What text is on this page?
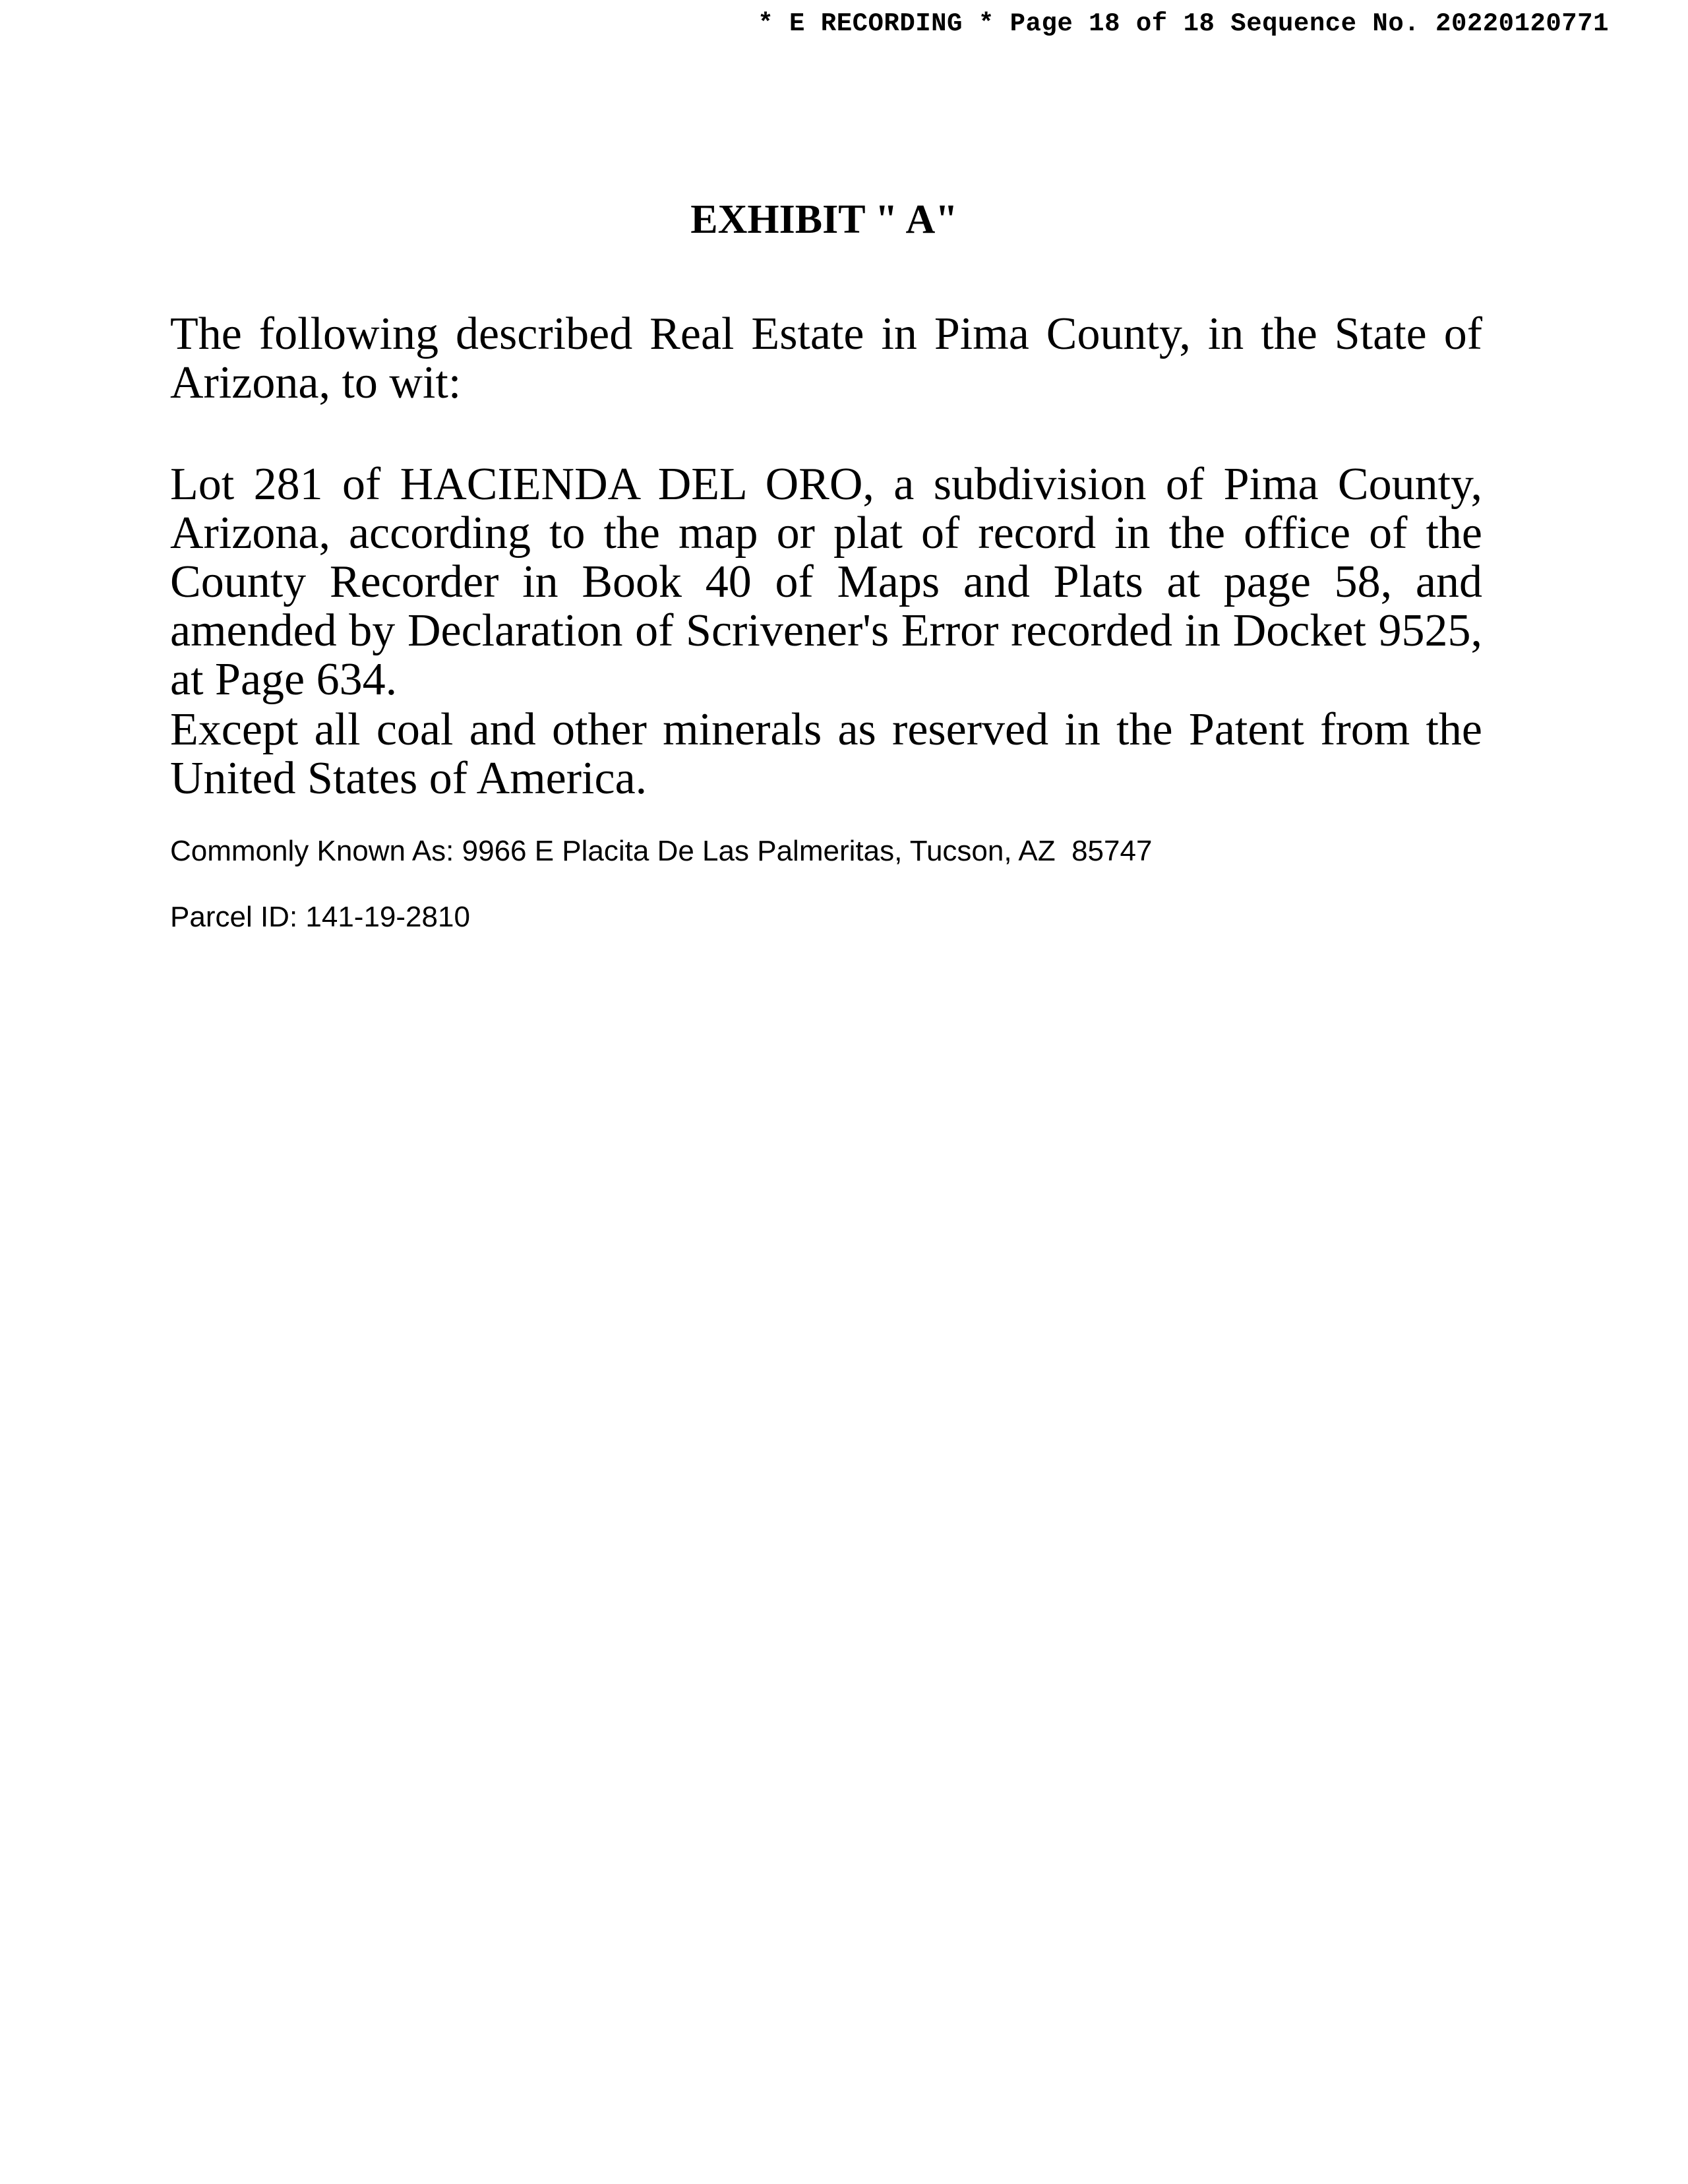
* E RECORDING * Page 18 of 18 Sequence No. 20220120771
EXHIBIT " A"

The following described Real Estate in Pima County, in the State of Arizona, to wit:

Lot 281 of HACIENDA DEL ORO, a subdivision of Pima County, Arizona, according to the map or plat of record in the office of the County Recorder in Book 40 of Maps and Plats at page 58, and amended by Declaration of Scrivener's Error recorded in Docket 9525, at Page 634.

Except all coal and other minerals as reserved in the Patent from the United States of America.

Commonly Known As: 9966 E Placita De Las Palmeritas, Tucson, AZ  85747
Parcel ID: 141-19-2810
